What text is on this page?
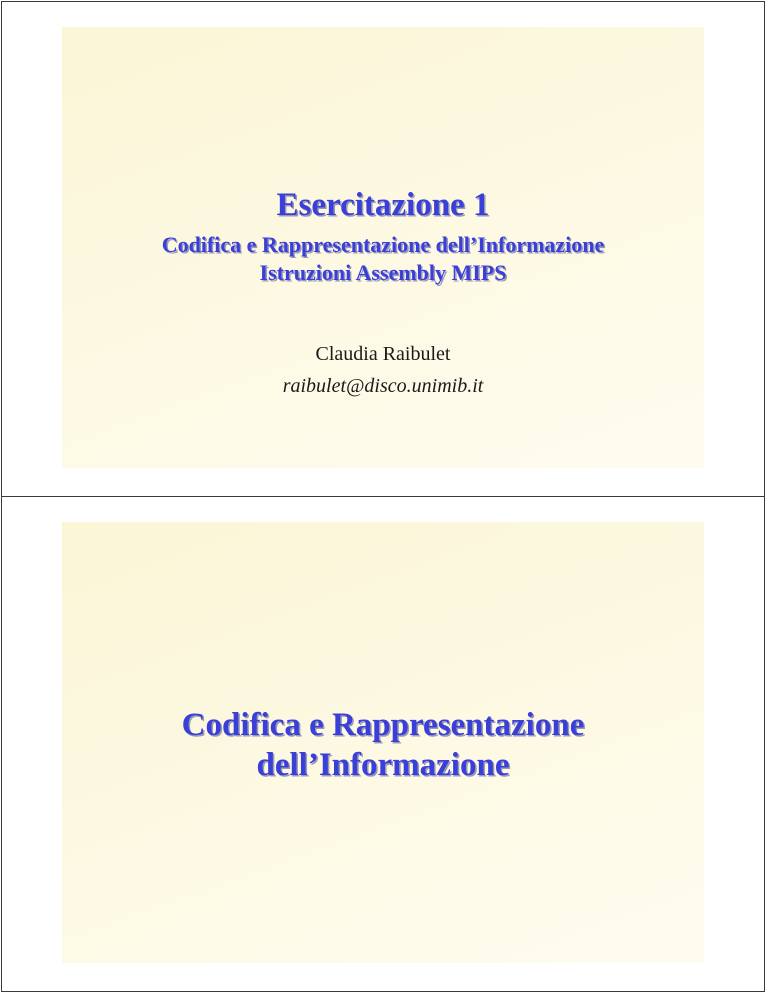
Esercitazione 1
Codifica e Rappresentazione dell’Informazione
Istruzioni Assembly MIPS

Claudia Raibulet

raibulet@disco.unimib.it

Codifica e Rappresentazione
dell’Informazione
